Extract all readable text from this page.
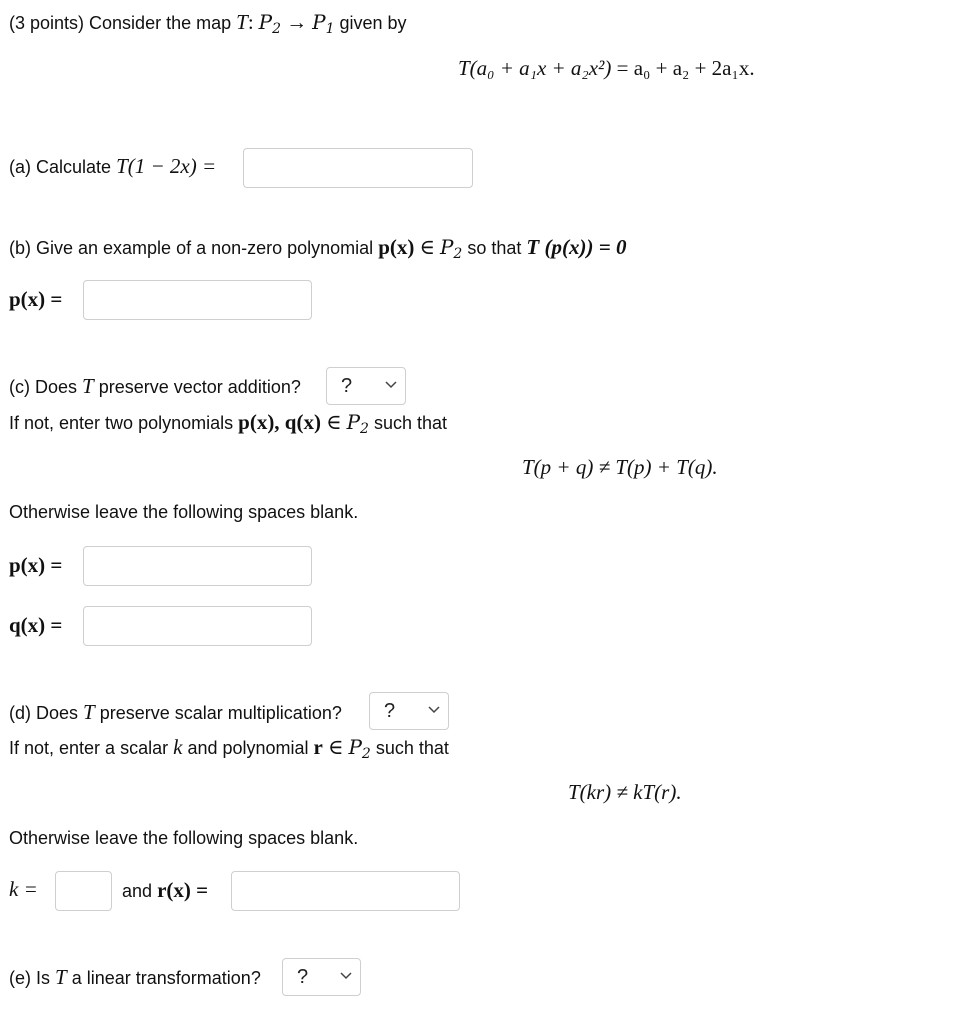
(3 points) Consider the map T: $P_2 \to P_1$ given by
T(a₀ + a₁x + a₂x²) = a₀ + a₂ + 2a₁x.
(a) Calculate T(1 − 2x) =
(b) Give an example of a non-zero polynomial p(x) ∈ $P_2$ so that T (p(x)) = 0
p(x) =
(c) Does T preserve vector addition? ?
If not, enter two polynomials p(x), q(x) ∈ $P_2$ such that
T(p + q) ≠ T(p) + T(q).
Otherwise leave the following spaces blank.
p(x) =
q(x) =
(d) Does T preserve scalar multiplication? ?
If not, enter a scalar k and polynomial r ∈ $P_2$ such that
T(kr) ≠ kT(r).
Otherwise leave the following spaces blank.
k =	and r(x) =
(e) Is T a linear transformation? ?
